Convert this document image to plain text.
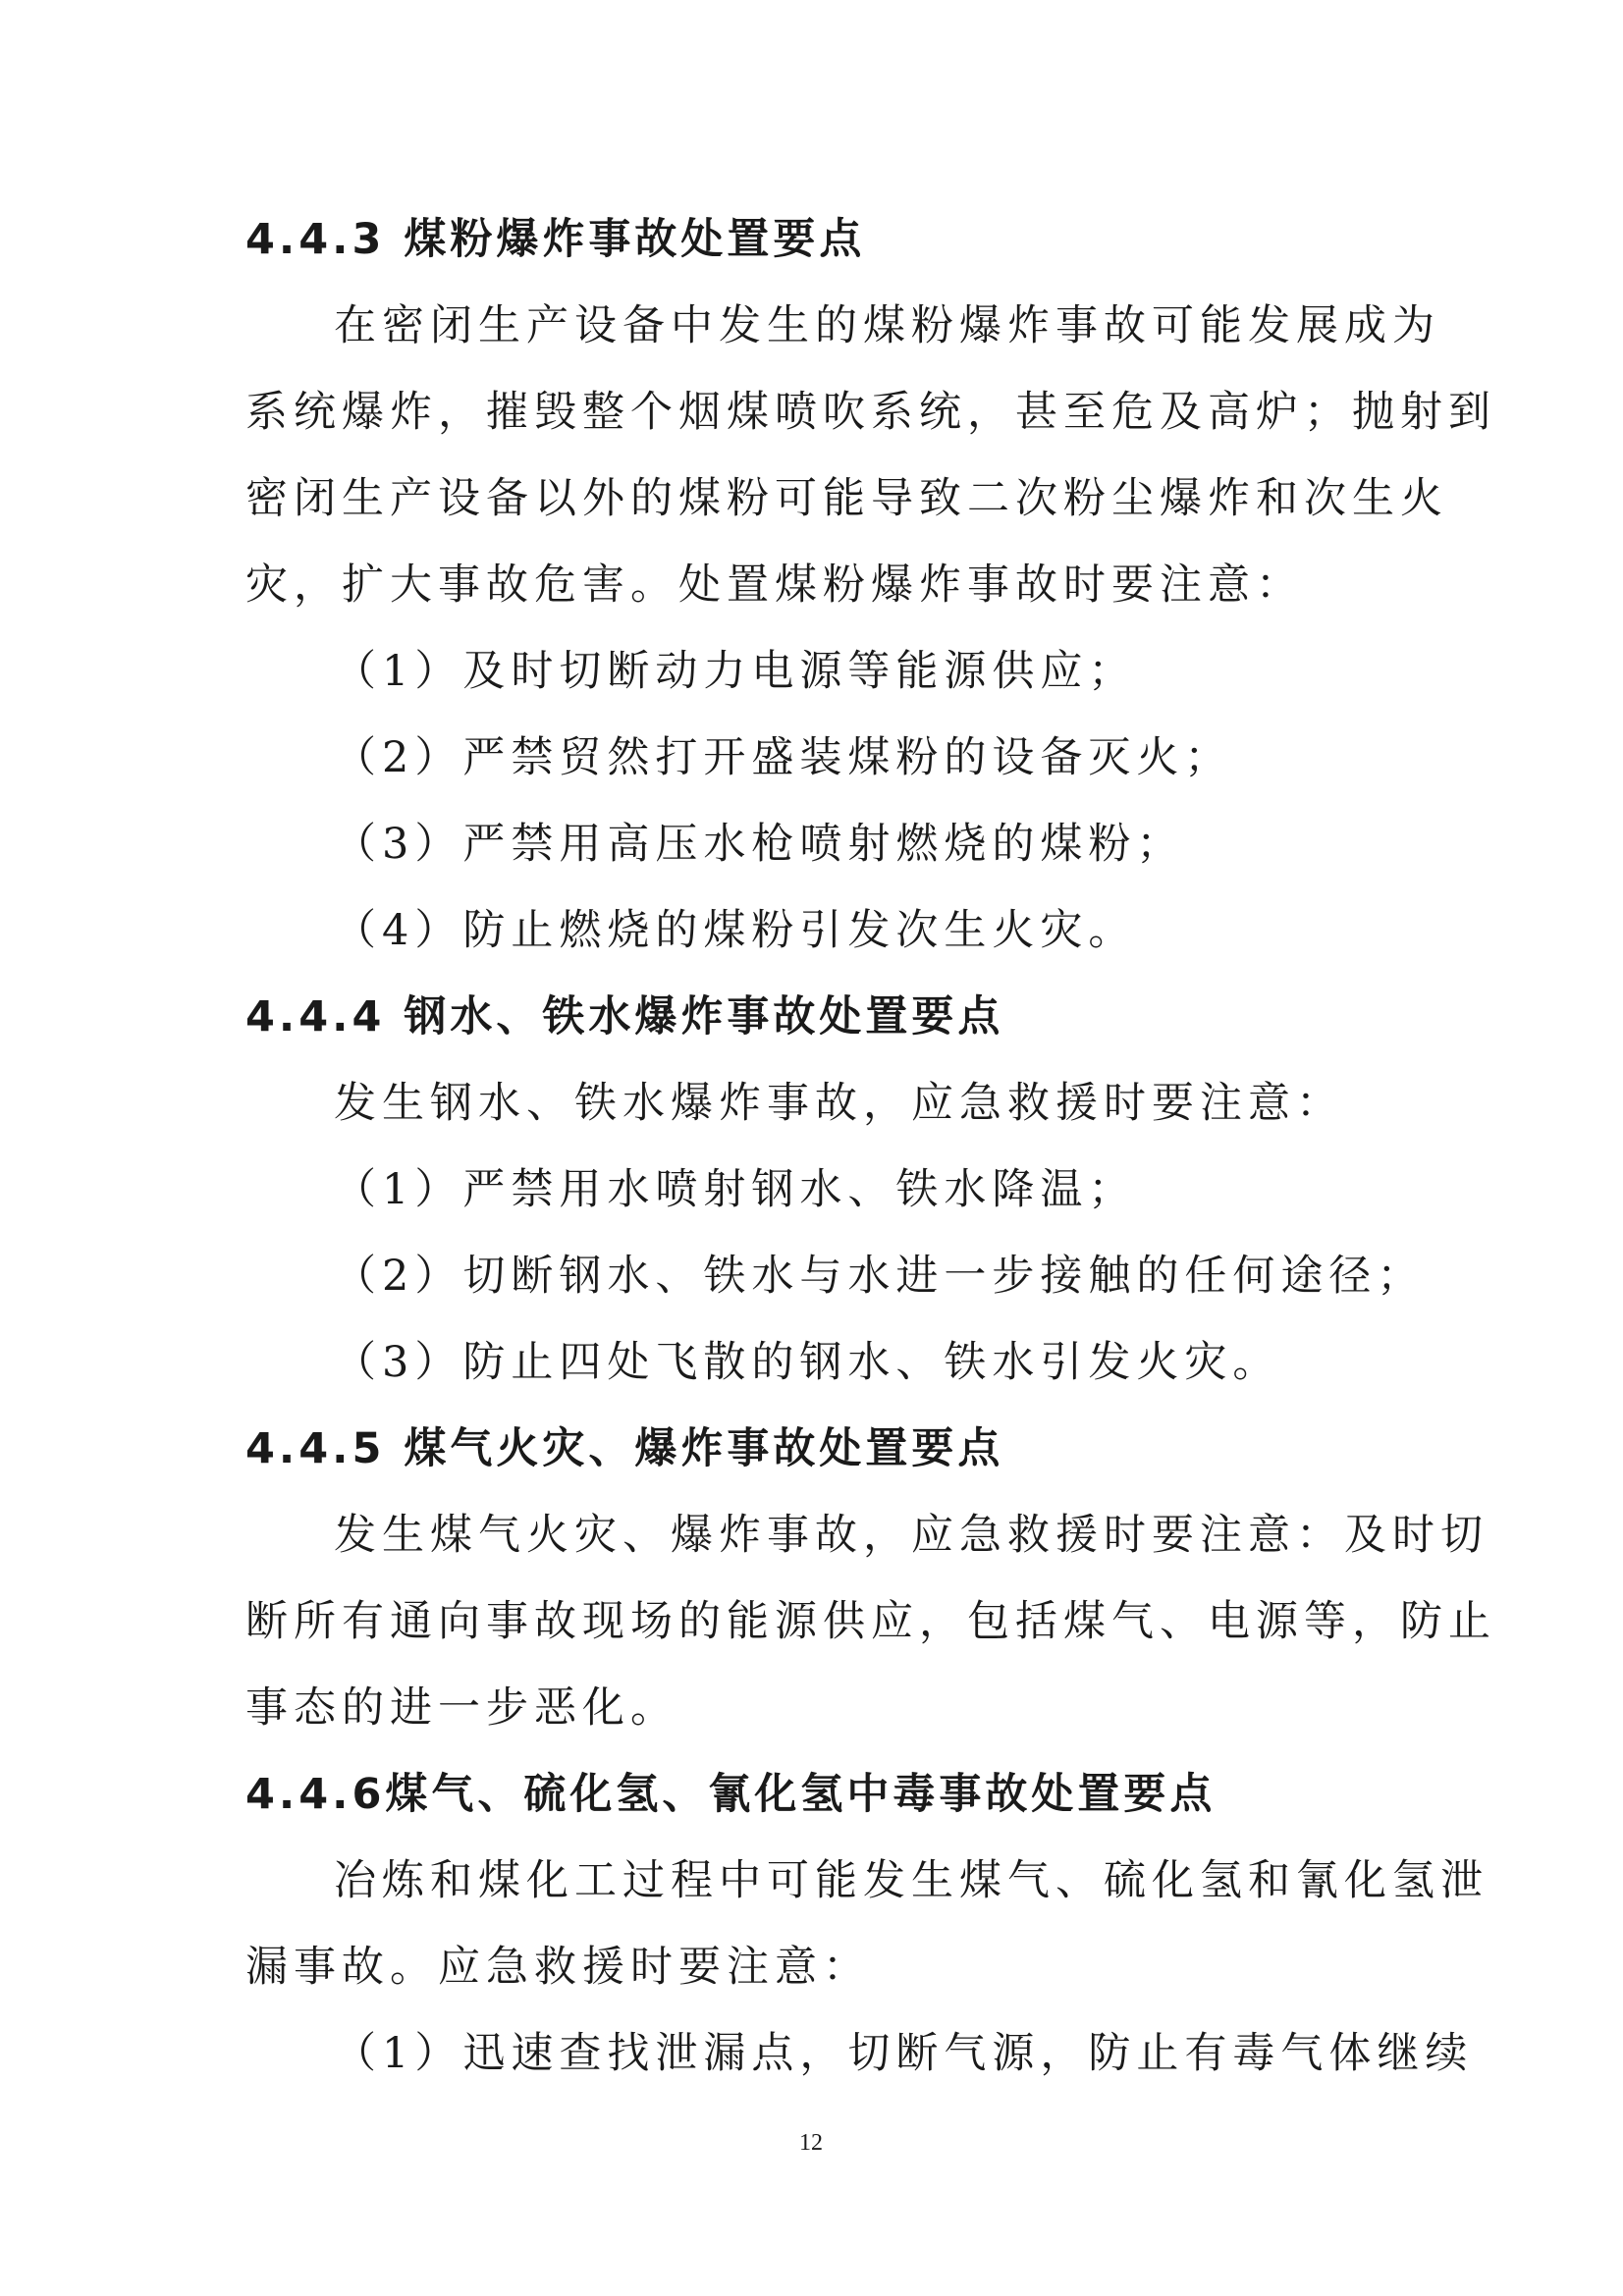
4.4.3 煤粉爆炸事故处置要点
在密闭生产设备中发生的煤粉爆炸事故可能发展成为
系统爆炸，摧毁整个烟煤喷吹系统，甚至危及高炉；抛射到
密闭生产设备以外的煤粉可能导致二次粉尘爆炸和次生火
灾，扩大事故危害。处置煤粉爆炸事故时要注意：
（1）及时切断动力电源等能源供应；
（2）严禁贸然打开盛装煤粉的设备灭火；
（3）严禁用高压水枪喷射燃烧的煤粉；
（4）防止燃烧的煤粉引发次生火灾。
4.4.4 钢水、铁水爆炸事故处置要点
发生钢水、铁水爆炸事故，应急救援时要注意：
（1）严禁用水喷射钢水、铁水降温；
（2）切断钢水、铁水与水进一步接触的任何途径；
（3）防止四处飞散的钢水、铁水引发火灾。
4.4.5 煤气火灾、爆炸事故处置要点
发生煤气火灾、爆炸事故，应急救援时要注意：及时切
断所有通向事故现场的能源供应，包括煤气、电源等，防止
事态的进一步恶化。
4.4.6煤气、硫化氢、氰化氢中毒事故处置要点
冶炼和煤化工过程中可能发生煤气、硫化氢和氰化氢泄
漏事故。应急救援时要注意：
（1）迅速查找泄漏点，切断气源，防止有毒气体继续
12
